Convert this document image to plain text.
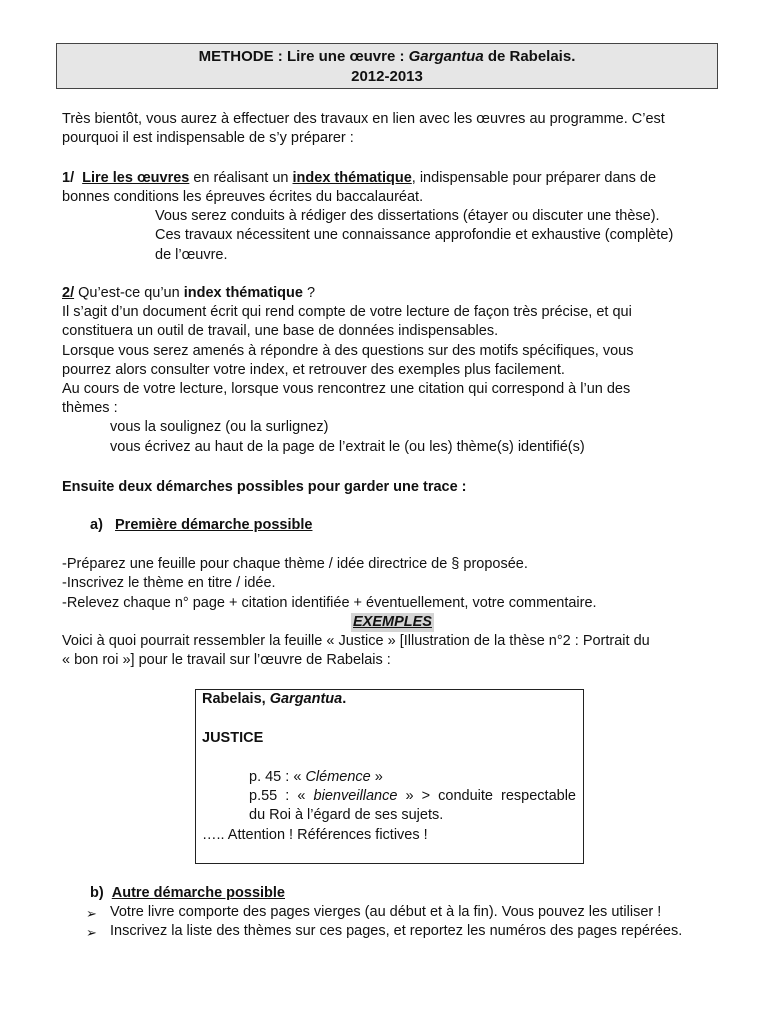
METHODE : Lire une œuvre : Gargantua de Rabelais.
2012-2013
Très bientôt, vous aurez à effectuer des travaux en lien avec les œuvres au programme. C’est
pourquoi il est indispensable de s’y préparer :
1/ Lire les œuvres en réalisant un index thématique, indispensable pour préparer dans de
bonnes conditions les épreuves écrites du baccalauréat.
Vous serez conduits à rédiger des dissertations (étayer ou discuter une thèse).
Ces travaux nécessitent une connaissance approfondie et exhaustive (complète)
de l’œuvre.
2/ Qu’est-ce qu’un index thématique ?
Il s’agit d’un document écrit qui rend compte de votre lecture de façon très précise, et qui
constituera un outil de travail, une base de données indispensables.
Lorsque vous serez amenés à répondre à des questions sur des motifs spécifiques, vous
pourrez alors consulter votre index, et retrouver des exemples plus facilement.
Au cours de votre lecture, lorsque vous rencontrez une citation qui correspond à l’un des
thèmes :
vous la soulignez (ou la surlignez)
vous écrivez au haut de la page de l’extrait le (ou les) thème(s) identifié(s)
Ensuite deux démarches possibles pour garder une trace :
a) Première démarche possible
-Préparez une feuille pour chaque thème / idée directrice de § proposée.
-Inscrivez le thème en titre / idée.
-Relevez chaque n° page + citation identifiée + éventuellement, votre commentaire.
EXEMPLES
Voici à quoi pourrait ressembler la feuille « Justice » [Illustration de la thèse n°2 : Portrait du
« bon roi »] pour le travail sur l’œuvre de Rabelais :
Rabelais, Gargantua.
JUSTICE
p. 45 : « Clémence »
p.55 : « bienveillance » > conduite respectable
du Roi à l’égard de ses sujets.
….. Attention ! Références fictives !
b) Autre démarche possible
➢ Votre livre comporte des pages vierges (au début et à la fin). Vous pouvez les utiliser !
➢ Inscrivez la liste des thèmes sur ces pages, et reportez les numéros des pages repérées.
